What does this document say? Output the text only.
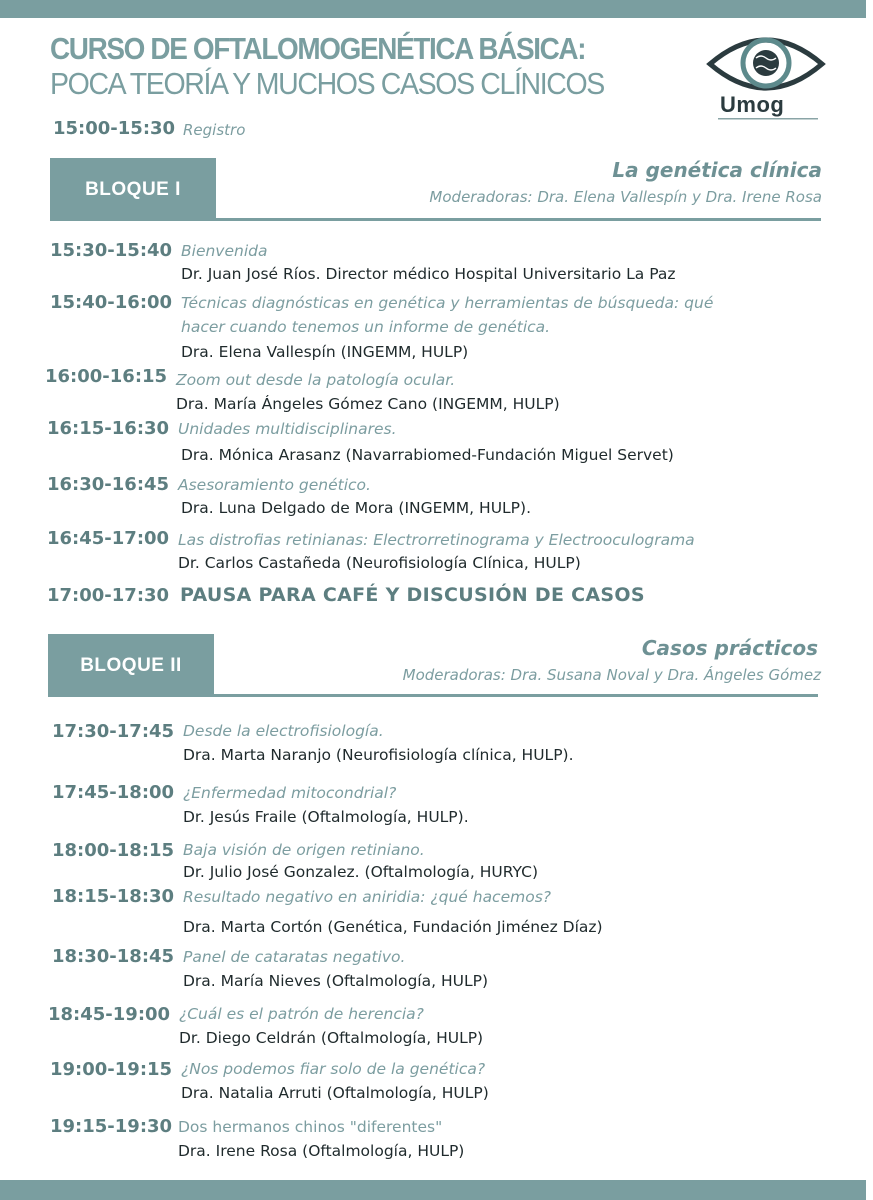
CURSO DE OFTALOMOGENÉTICA BÁSICA:
POCA TEORÍA Y MUCHOS CASOS CLÍNICOS
Umog
15:00-15:30 Registro
BLOQUE I
La genética clínica
Moderadoras: Dra. Elena Vallespín y Dra. Irene Rosa
15:30-15:40 Bienvenida
Dr. Juan José Ríos. Director médico Hospital Universitario La Paz
15:40-16:00 Técnicas diagnósticas en genética y herramientas de búsqueda: qué
hacer cuando tenemos un informe de genética.
Dra. Elena Vallespín (INGEMM, HULP)
16:00-16:15 Zoom out desde la patología ocular.
Dra. María Ángeles Gómez Cano (INGEMM, HULP)
16:15-16:30 Unidades multidisciplinares.
Dra. Mónica Arasanz (Navarrabiomed-Fundación Miguel Servet)
16:30-16:45 Asesoramiento genético.
Dra. Luna Delgado de Mora (INGEMM, HULP).
16:45-17:00 Las distrofias retinianas: Electrorretinograma y Electrooculograma
Dr. Carlos Castañeda (Neurofisiología Clínica, HULP)
17:00-17:30 PAUSA PARA CAFÉ Y DISCUSIÓN DE CASOS
BLOQUE II
Casos prácticos
Moderadoras: Dra. Susana Noval y Dra. Ángeles Gómez
17:30-17:45 Desde la electrofisiología.
Dra. Marta Naranjo (Neurofisiología clínica, HULP).
17:45-18:00 ¿Enfermedad mitocondrial?
Dr. Jesús Fraile (Oftalmología, HULP).
18:00-18:15 Baja visión de origen retiniano.
Dr. Julio José Gonzalez. (Oftalmología, HURYC)
18:15-18:30 Resultado negativo en aniridia: ¿qué hacemos?
Dra. Marta Cortón (Genética, Fundación Jiménez Díaz)
18:30-18:45 Panel de cataratas negativo.
Dra. María Nieves (Oftalmología, HULP)
18:45-19:00 ¿Cuál es el patrón de herencia?
Dr. Diego Celdrán (Oftalmología, HULP)
19:00-19:15 ¿Nos podemos fiar solo de la genética?
Dra. Natalia Arruti (Oftalmología, HULP)
19:15-19:30 Dos hermanos chinos "diferentes"
Dra. Irene Rosa (Oftalmología, HULP)
